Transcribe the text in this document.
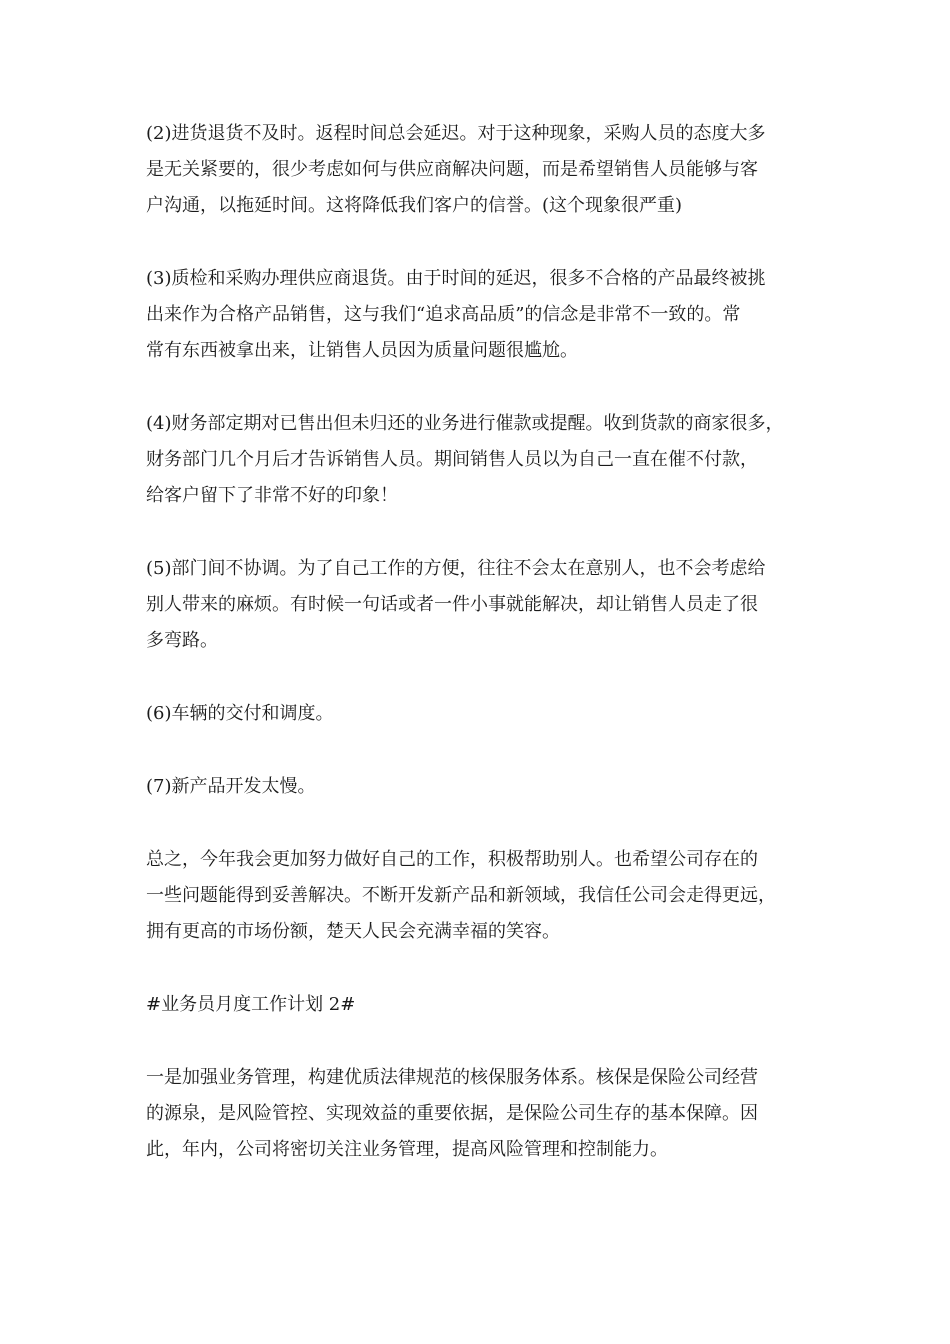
(2)进货退货不及时。返程时间总会延迟。对于这种现象，采购人员的态度大多
是无关紧要的，很少考虑如何与供应商解决问题，而是希望销售人员能够与客
户沟通，以拖延时间。这将降低我们客户的信誉。(这个现象很严重)

(3)质检和采购办理供应商退货。由于时间的延迟，很多不合格的产品最终被挑
出来作为合格产品销售，这与我们“追求高品质”的信念是非常不一致的。常
常有东西被拿出来，让销售人员因为质量问题很尴尬。

(4)财务部定期对已售出但未归还的业务进行催款或提醒。收到货款的商家很多，
财务部门几个月后才告诉销售人员。期间销售人员以为自己一直在催不付款，
给客户留下了非常不好的印象！

(5)部门间不协调。为了自己工作的方便，往往不会太在意别人，也不会考虑给
别人带来的麻烦。有时候一句话或者一件小事就能解决，却让销售人员走了很
多弯路。

(6)车辆的交付和调度。

(7)新产品开发太慢。

总之，今年我会更加努力做好自己的工作，积极帮助别人。也希望公司存在的
一些问题能得到妥善解决。不断开发新产品和新领域，我信任公司会走得更远，
拥有更高的市场份额，楚天人民会充满幸福的笑容。

#业务员月度工作计划 2#

一是加强业务管理，构建优质法律规范的核保服务体系。核保是保险公司经营
的源泉，是风险管控、实现效益的重要依据，是保险公司生存的基本保障。因
此，年内，公司将密切关注业务管理，提高风险管理和控制能力。
